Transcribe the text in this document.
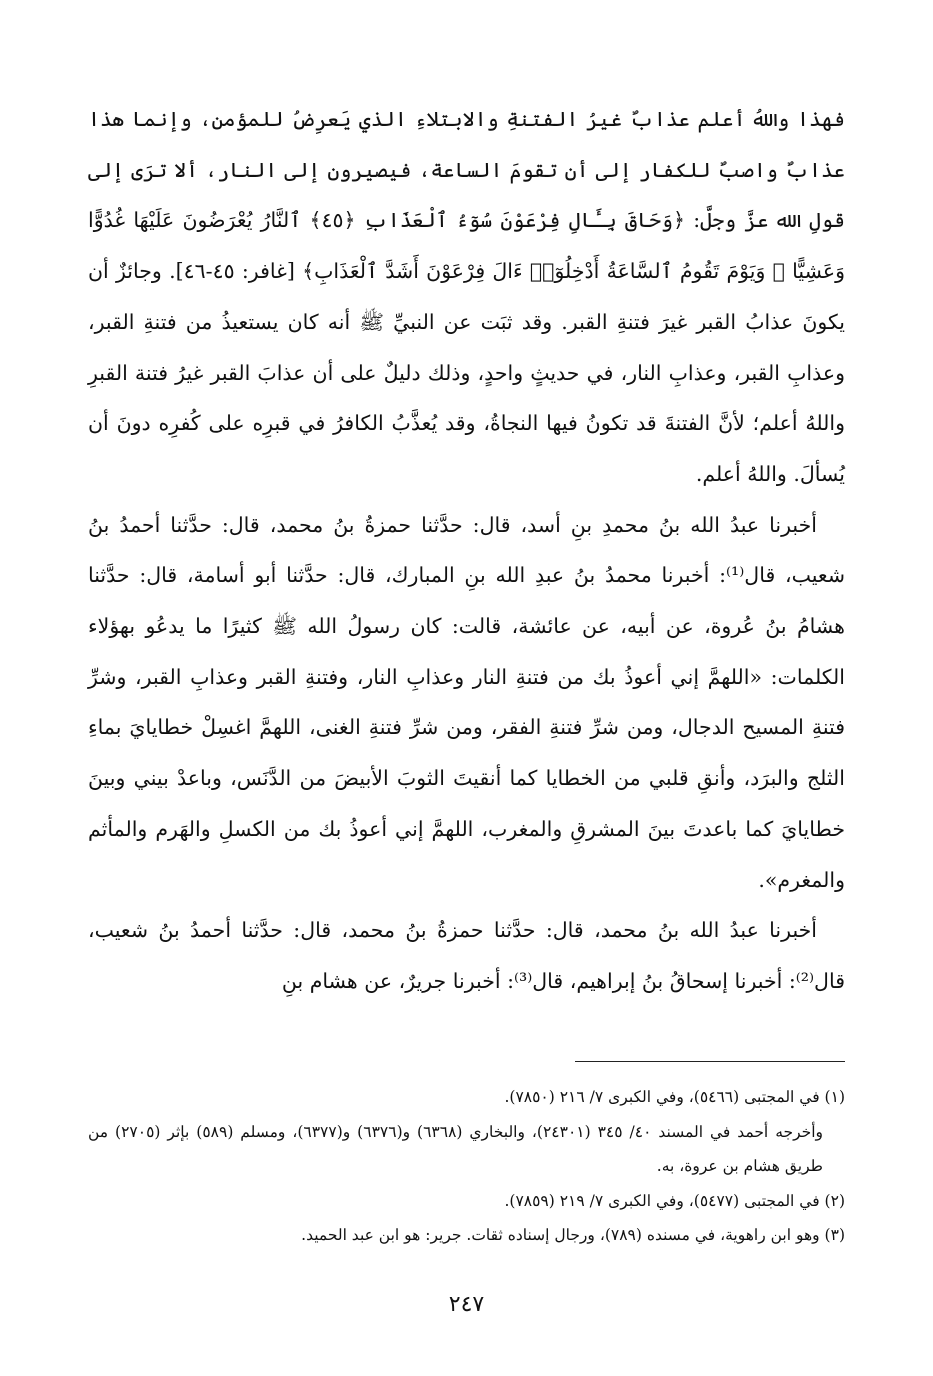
فهذا واللهُ أعلم عذابٌ غيرُ الفتنةِ والابتلاءِ الذي يَعرِضُ للمؤمن، وإنما هذا عذابٌ واصبٌ للكفار إلى أن تقومَ الساعة، فيصيرون إلى النار، ألا ترَى إلى قولِ الله عزَّ وجلَّ: ﴿وَحَاقَ بِـَٔالِ فِرْعَوْنَ سُوٓءُ ٱلْعَذَابِ ﴿٤٥﴾ ٱلنَّارُ يُعْرَضُونَ عَلَيْهَا غُدُوًّا وَعَشِيًّا ۖ وَيَوْمَ تَقُومُ ٱلسَّاعَةُ أَدْخِلُوٓا۟ ءَالَ فِرْعَوْنَ أَشَدَّ ٱلْعَذَابِ﴾ [غافر: ٤٥-٤٦]. وجائزٌ أن يكونَ عذابُ القبر غيرَ فتنةِ القبر. وقد ثبَت عن النبيِّ ﷺ أنه كان يستعيذُ من فتنةِ القبر، وعذابِ القبر، وعذابِ النار، في حديثٍ واحدٍ، وذلك دليلٌ على أن عذابَ القبر غيرُ فتنة القبرِ واللهُ أعلم؛ لأنَّ الفتنةَ قد تكونُ فيها النجاةُ، وقد يُعذَّبُ الكافرُ في قبرِه على كُفرِه دونَ أن يُسألَ. واللهُ أعلم.

أخبرنا عبدُ الله بنُ محمدِ بنِ أسد، قال: حدَّثنا حمزةُ بنُ محمد، قال: حدَّثنا أحمدُ بنُ شعيب، قال⁽¹⁾: أخبرنا محمدُ بنُ عبدِ الله بنِ المبارك، قال: حدَّثنا أبو أسامة، قال: حدَّثنا هشامُ بنُ عُروة، عن أبيه، عن عائشة، قالت: كان رسولُ الله ﷺ كثيرًا ما يدعُو بهؤلاء الكلمات: «اللهمَّ إني أعوذُ بك من فتنةِ النار وعذابِ النار، وفتنةِ القبر وعذابِ القبر، وشرِّ فتنةِ المسيح الدجال، ومن شرِّ فتنةِ الفقر، ومن شرِّ فتنةِ الغنى، اللهمَّ اغسِلْ خطايايَ بماءِ الثلج والبرَد، وأنقِ قلبي من الخطايا كما أنقيتَ الثوبَ الأبيضَ من الدَّنَس، وباعدْ بيني وبينَ خطايايَ كما باعدتَ بينَ المشرقِ والمغرب، اللهمَّ إني أعوذُ بك من الكسلِ والهَرم والمأثم والمغرم».

أخبرنا عبدُ الله بنُ محمد، قال: حدَّثنا حمزةُ بنُ محمد، قال: حدَّثنا أحمدُ بنُ شعيب، قال⁽²⁾: أخبرنا إسحاقُ بنُ إبراهيم، قال⁽³⁾: أخبرنا جريرٌ، عن هشام بنِ

(١) في المجتبى (٥٤٦٦)، وفي الكبرى ٧/ ٢١٦ (٧٨٥٠).

وأخرجه أحمد في المسند ٤٠/ ٣٤٥ (٢٤٣٠١)، والبخاري (٦٣٦٨) و(٦٣٧٦) و(٦٣٧٧)، ومسلم (٥٨٩) بإثر (٢٧٠٥) من طريق هشام بن عروة، به.

(٢) في المجتبى (٥٤٧٧)، وفي الكبرى ٧/ ٢١٩ (٧٨٥٩).

(٣) وهو ابن راهوية، في مسنده (٧٨٩)، ورجال إسناده ثقات. جرير: هو ابن عبد الحميد.

٢٤٧
